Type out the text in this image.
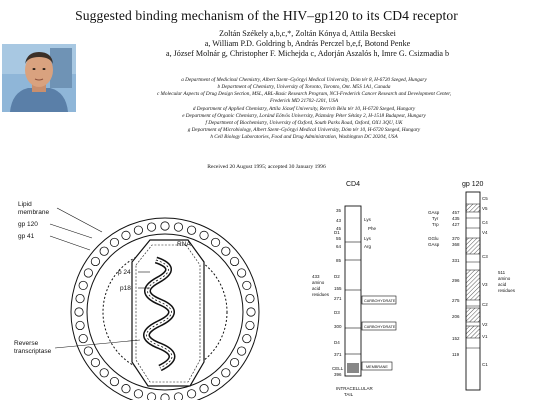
Suggested binding mechanism of the HIV–gp120 to its CD4 receptor
Zoltán Székely a,b,c,*, Zoltán Kónya d, Attila Becskei
a, William P.D. Goldring b, András Perczel b,e,f, Botond Penke
a, József Molnár g, Christopher F. Michejda c, Adorján Aszalós h, Imre G. Csizmadia b
a Department of Medicinal Chemistry, Albert Szent–Györgyi Medical University, Dóm tér 8, H-6720 Szeged, Hungary
b Department of Chemistry, University of Toronto, Toronto, Ont. M5S 1A1, Canada
c Molecular Aspects of Drug Design Section, MSL, ABL-Basic Research Program, NCI-Frederick Cancer Research and Development Center,
Frederick MD 21702-1201, USA
d Department of Applied Chemistry, Attila József University, Rerrich Béla tér 10, H-6720 Szeged, Hungary
e Department of Organic Chemistry, Loránd Eötvös University, Pázmány Péter Sétány 2, H-1518 Budapest, Hungary
f Department of Biochemistry, University of Oxford, South Parks Road, Oxford, OX1 3QU, UK
g Department of Microbiology, Albert Szent–Györgyi Medical University, Dóm tér 10, H-6720 Szeged, Hungary
h Cell Biology Laboratories, Food and Drug Administration, Washington DC 20204, USA
Received 20 August 1995; accepted 30 January 1996
Lipid
membrane
gp 120
gp 41
RNA
p 24
p18
Reverse
transcriptase
CD4
35
43
45
55
64
85
155
271
300
371
396
Lys
Phe
Lys
Arg
433
amino
acid
residues
CARBOHYDRATE
CARBOHYDRATE
MEMBRANE
D1
D2
D3
D4
CELL
INTRACELLULAR
TAIL
gp 120
GAsp
Tyr
Trp
GGlu
GAsp
457
435
427
370
368
331
296
275
206
152
119
C5
V5
C4
V4
C3
V3
C2
V2
V1
C1
511
amino
acid
residues
